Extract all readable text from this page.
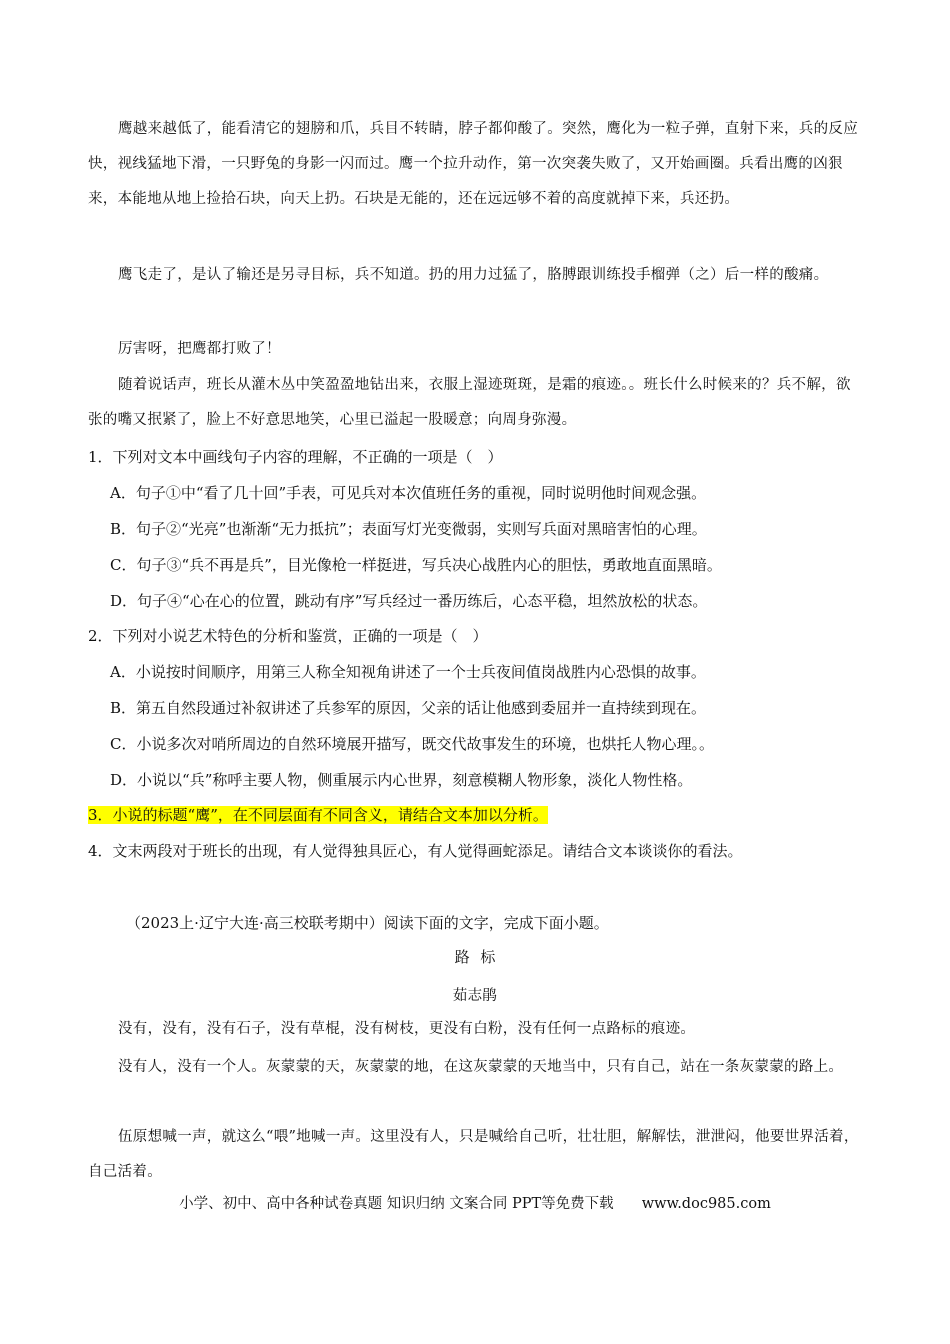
鹰越来越低了，能看清它的翅膀和爪，兵目不转睛，脖子都仰酸了。突然，鹰化为一粒子弹，直射下来，兵的反应快，视线猛地下滑，一只野兔的身影一闪而过。鹰一个拉升动作，第一次突袭失败了，又开始画圈。兵看出鹰的凶狠来，本能地从地上捡拾石块，向天上扔。石块是无能的，还在远远够不着的高度就掉下来，兵还扔。

鹰飞走了，是认了输还是另寻目标，兵不知道。扔的用力过猛了，胳膊跟训练投手榴弹（之）后一样的酸痛。

厉害呀，把鹰都打败了！

随着说话声，班长从灌木丛中笑盈盈地钻出来，衣服上湿迹斑斑，是霜的痕迹。。班长什么时候来的？兵不解，欲张的嘴又抿紧了，脸上不好意思地笑，心里已溢起一股暖意；向周身弥漫。

1．下列对文本中画线句子内容的理解，不正确的一项是（　）

A．句子①中“看了几十回”手表，可见兵对本次值班任务的重视，同时说明他时间观念强。

B．句子②“光亮”也渐渐“无力抵抗”；表面写灯光变微弱，实则写兵面对黑暗害怕的心理。

C．句子③“兵不再是兵”，目光像枪一样挺进，写兵决心战胜内心的胆怯，勇敢地直面黑暗。

D．句子④“心在心的位置，跳动有序”写兵经过一番历练后，心态平稳，坦然放松的状态。

2．下列对小说艺术特色的分析和鉴赏，正确的一项是（　）

A．小说按时间顺序，用第三人称全知视角讲述了一个士兵夜间值岗战胜内心恐惧的故事。

B．第五自然段通过补叙讲述了兵参军的原因，父亲的话让他感到委屈并一直持续到现在。

C．小说多次对哨所周边的自然环境展开描写，既交代故事发生的环境，也烘托人物心理。。

D．小说以“兵”称呼主要人物，侧重展示内心世界，刻意模糊人物形象，淡化人物性格。

3．小说的标题“鹰”，在不同层面有不同含义，请结合文本加以分析。

4．文末两段对于班长的出现，有人觉得独具匠心，有人觉得画蛇添足。请结合文本谈谈你的看法。

（2023上·辽宁大连·高三校联考期中）阅读下面的文字，完成下面小题。

路 标

茹志鹃

没有，没有，没有石子，没有草棍，没有树枝，更没有白粉，没有任何一点路标的痕迹。

没有人，没有一个人。灰蒙蒙的天，灰蒙蒙的地，在这灰蒙蒙的天地当中，只有自己，站在一条灰蒙蒙的路上。

伍原想喊一声，就这么“喂”地喊一声。这里没有人，只是喊给自己听，壮壮胆，解解怯，泄泄闷，他要世界活着，自己活着。

小学、初中、高中各种试卷真题 知识归纳 文案合同 PPT等免费下载 www.doc985.com
